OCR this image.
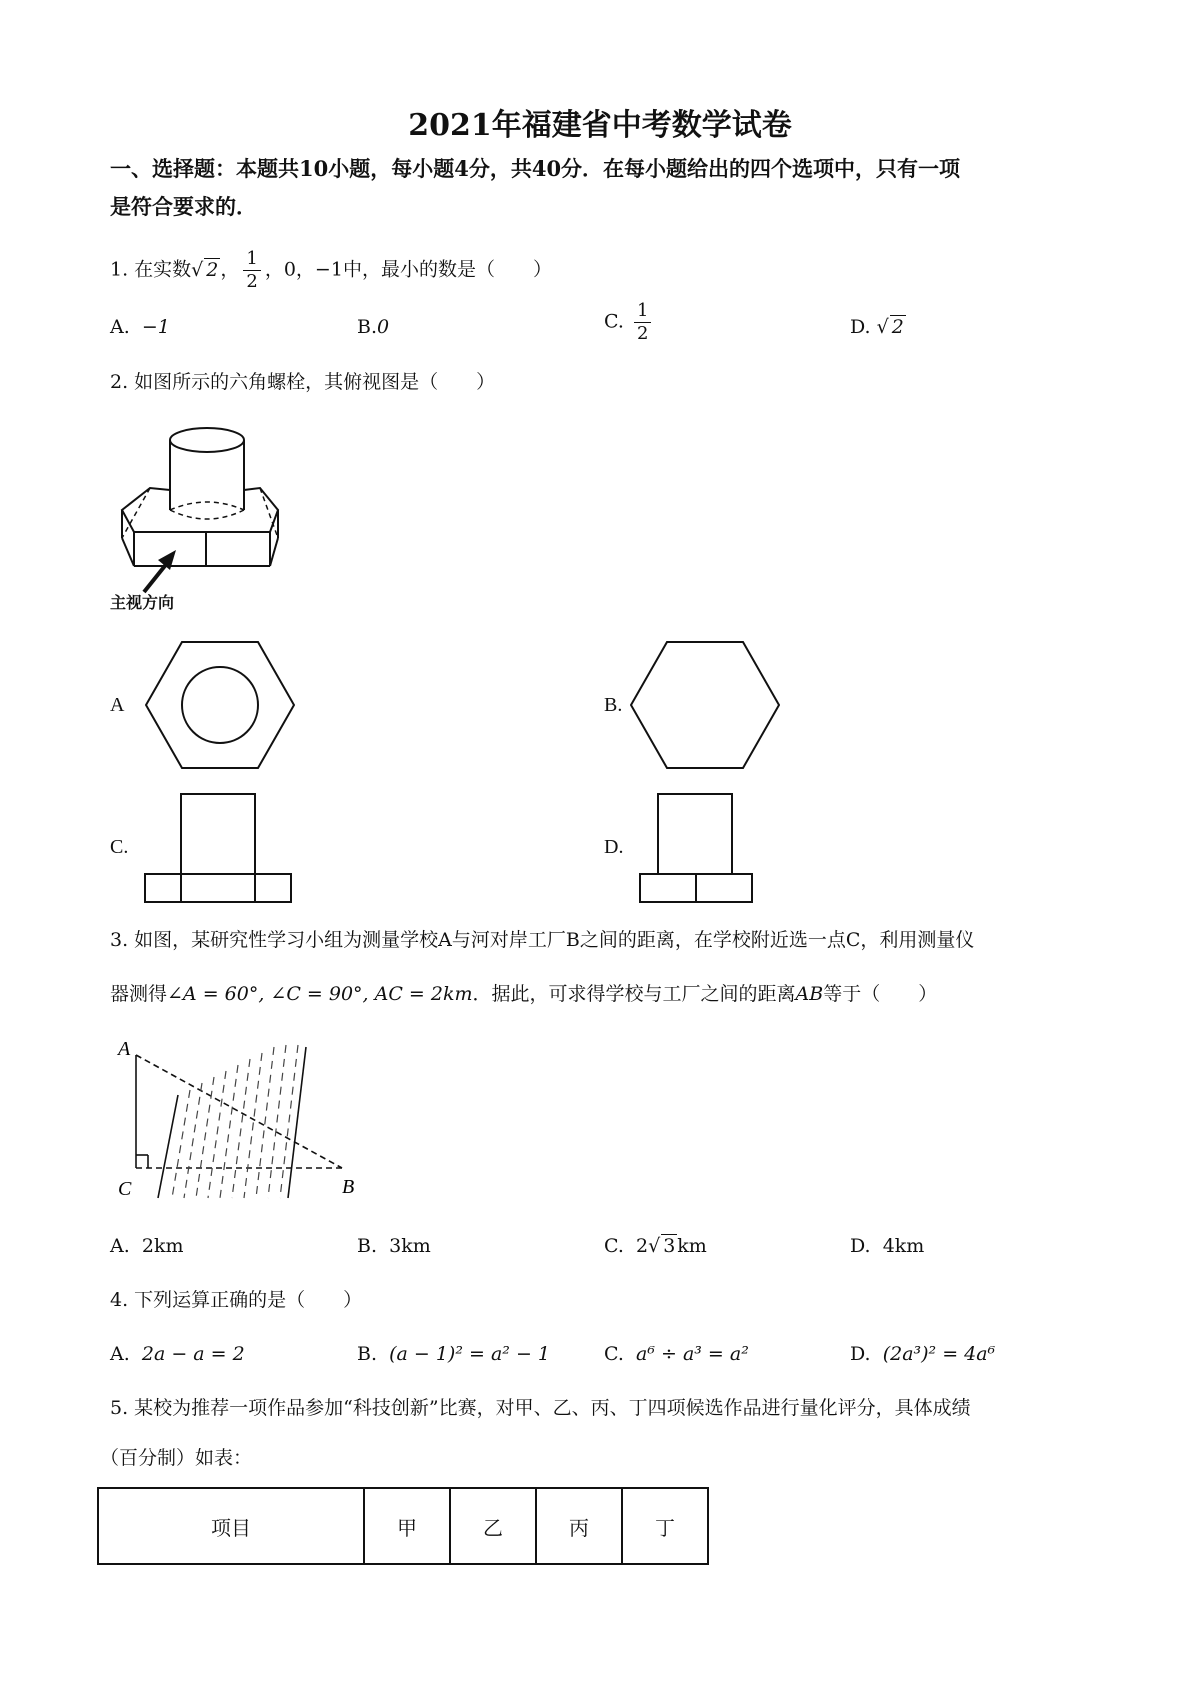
2021年福建省中考数学试卷
一、选择题：本题共10小题，每小题4分，共40分．在每小题给出的四个选项中，只有一项
是符合要求的．
1. 在实数√ 2 ， $\frac{1}{2}$ ，0，−1中，最小的数是（　　）
A. −1	B.0	C. $\frac{1}{2}$	D. √ 2
2. 如图所示的六角螺栓，其俯视图是（　　）
主视方向
A	B.
C.	D.
3. 如图，某研究性学习小组为测量学校A与河对岸工厂B之间的距离，在学校附近选一点C，利用测量仪
器测得∠A = 60°, ∠C = 90°, AC = 2km．据此，可求得学校与工厂之间的距离AB等于（　　）
A
C	B
A. 2km	B. 3km	C. 2√ 3 km	D. 4km
4. 下列运算正确的是（　　）
A. 2a − a = 2	B. (a − 1)² = a² − 1	C. a⁶ ÷ a³ = a²	D. (2a³)² = 4a⁶
5. 某校为推荐一项作品参加“科技创新”比赛，对甲、乙、丙、丁四项候选作品进行量化评分，具体成绩
（百分制）如表：
项目	甲	乙	丙	丁
